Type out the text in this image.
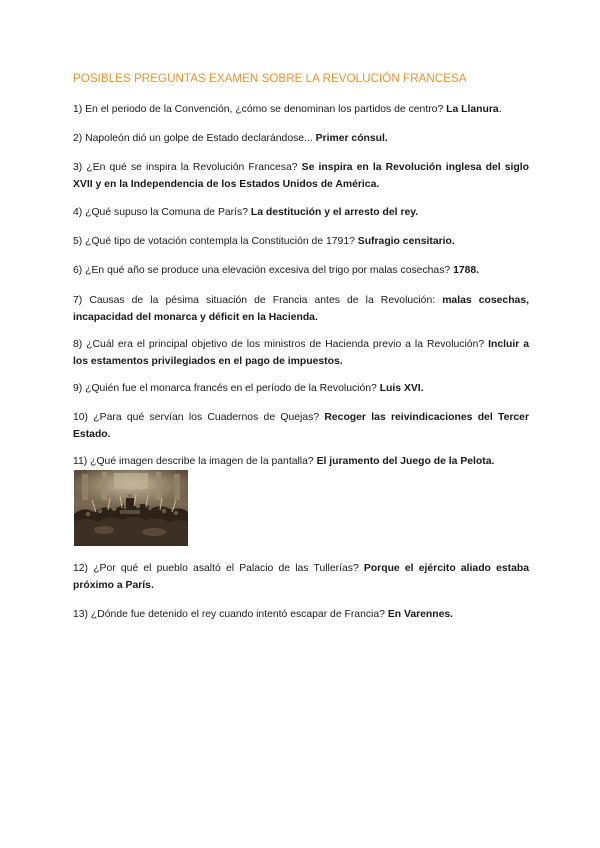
POSIBLES PREGUNTAS EXAMEN SOBRE LA REVOLUCIÓN FRANCESA
1) En el periodo de la Convención, ¿cómo se denominan los partidos de centro? La Llanura.
2) Napoleón dió un golpe de Estado declarándose... Primer cónsul.
3) ¿En qué se inspira la Revolución Francesa? Se inspira en la Revolución inglesa del siglo XVII y en la Independencia de los Estados Unidos de América.
4) ¿Qué supuso la Comuna de París? La destitución y el arresto del rey.
5) ¿Qué tipo de votación contempla la Constitución de 1791? Sufragio censitario.
6) ¿En qué año se produce una elevación excesiva del trigo por malas cosechas? 1788.
7) Causas de la pésima situación de Francia antes de la Revolución: malas cosechas, incapacidad del monarca y déficit en la Hacienda.
8) ¿Cuál era el principal objetivo de los ministros de Hacienda previo a la Revolución? Incluir a los estamentos privilegiados en el pago de impuestos.
9) ¿Quién fue el monarca francés en el período de la Revolución? Luis XVI.
10) ¿Para qué servían los Cuadernos de Quejas? Recoger las reivindicaciones del Tercer Estado.
11) ¿Qué imagen describe la imagen de la pantalla? El juramento del Juego de la Pelota.
12) ¿Por qué el pueblo asaltó el Palacio de las Tullerías? Porque el ejército aliado estaba próximo a París.
13) ¿Dónde fue detenido el rey cuando intentó escapar de Francia? En Varennes.
